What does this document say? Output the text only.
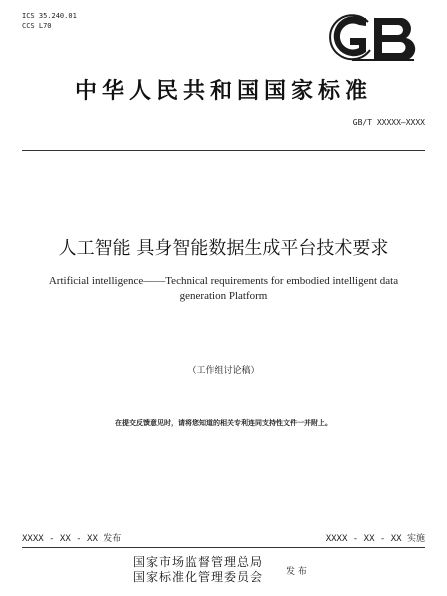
ICS 35.240.01
CCS L70
中华人民共和国国家标准
GB/T XXXXX—XXXX
人工智能 具身智能数据生成平台技术要求
Artificial intelligence——Technical requirements for embodied intelligent data generation Platform
（工作组讨论稿）
在提交反馈意见时，请将您知道的相关专利连同支持性文件一并附上。
XXXX - XX - XX 发布	XXXX - XX - XX 实施
国家市场监督管理总局
国家标准化管理委员会	发 布
